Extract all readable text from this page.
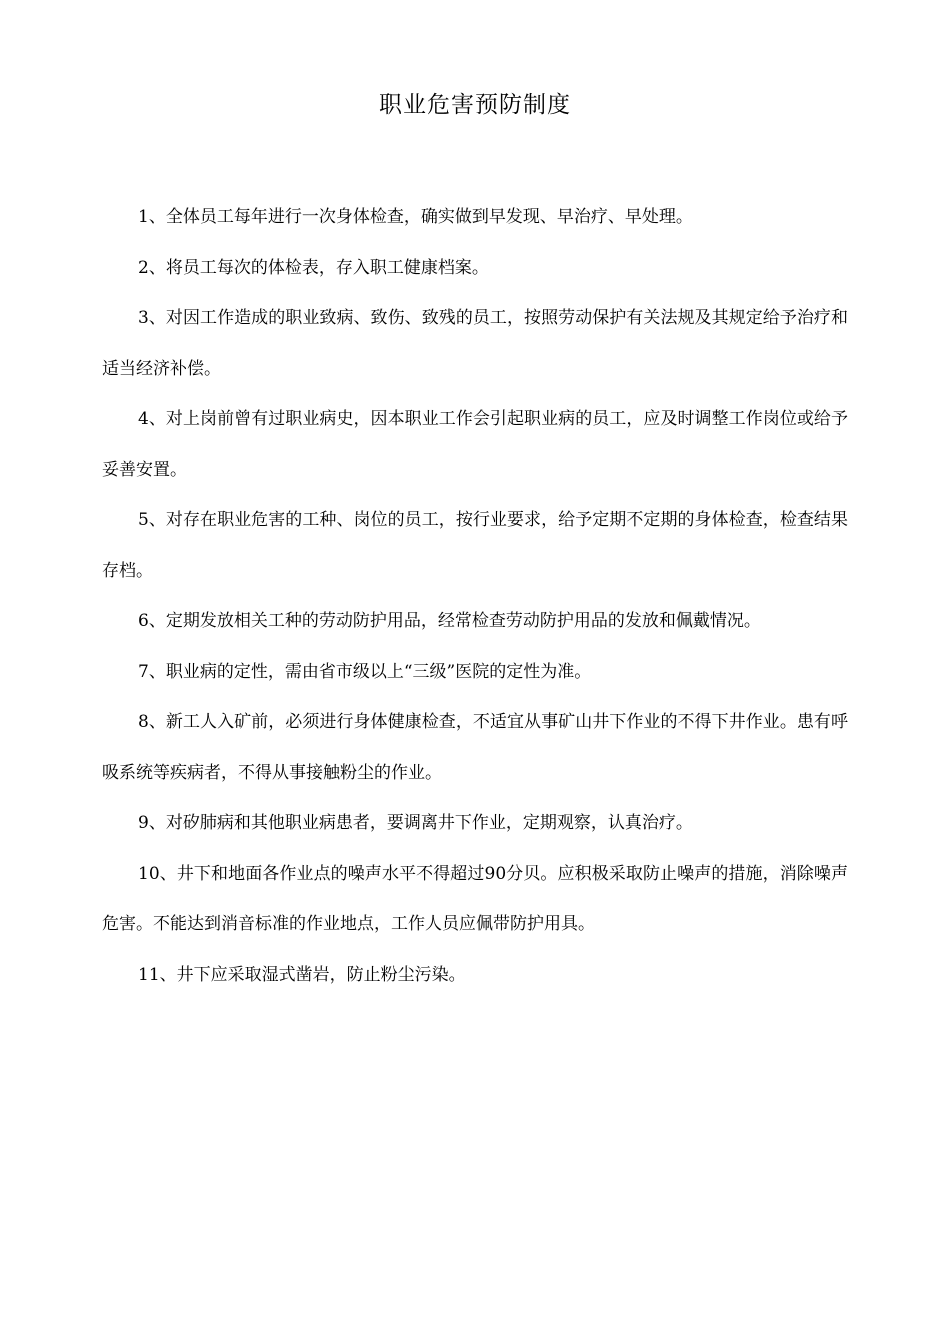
职业危害预防制度

1、全体员工每年进行一次身体检查，确实做到早发现、早治疗、早处理。

2、将员工每次的体检表，存入职工健康档案。

3、对因工作造成的职业致病、致伤、致残的员工，按照劳动保护有关法规及其规定给予治疗和适当经济补偿。

4、对上岗前曾有过职业病史，因本职业工作会引起职业病的员工，应及时调整工作岗位或给予妥善安置。

5、对存在职业危害的工种、岗位的员工，按行业要求，给予定期不定期的身体检查，检查结果存档。

6、定期发放相关工种的劳动防护用品，经常检查劳动防护用品的发放和佩戴情况。

7、职业病的定性，需由省市级以上“三级”医院的定性为准。

8、新工人入矿前，必须进行身体健康检查，不适宜从事矿山井下作业的不得下井作业。患有呼吸系统等疾病者，不得从事接触粉尘的作业。

9、对矽肺病和其他职业病患者，要调离井下作业，定期观察，认真治疗。

10、井下和地面各作业点的噪声水平不得超过90分贝。应积极采取防止噪声的措施，消除噪声危害。不能达到消音标准的作业地点，工作人员应佩带防护用具。

11、井下应采取湿式凿岩，防止粉尘污染。
